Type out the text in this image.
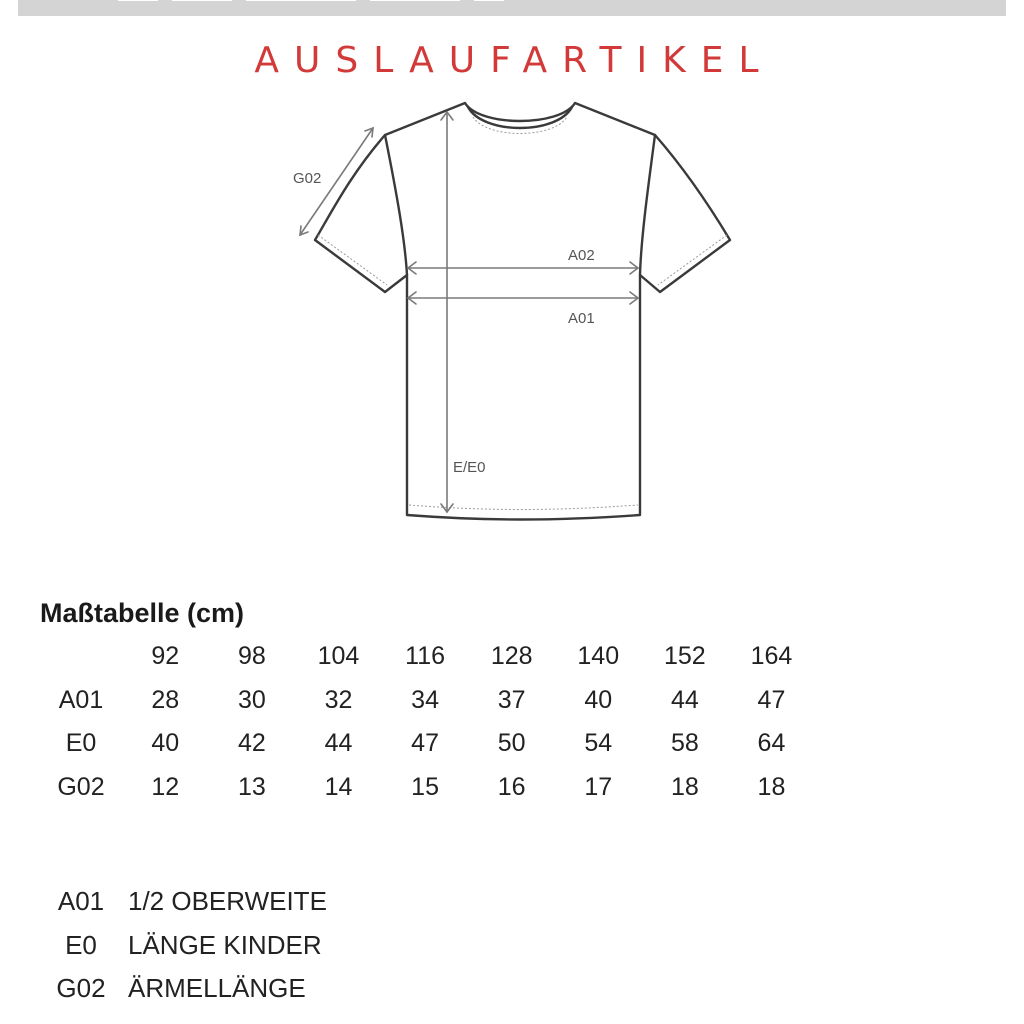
AUSLAUFARTIKEL
G02
A02
A01
E/E0
Maßtabelle (cm)
	92	98	104	116	128	140	152	164
A01	28	30	32	34	37	40	44	47
E0	40	42	44	47	50	54	58	64
G02	12	13	14	15	16	17	18	18
A01 1/2 OBERWEITE
E0	LÄNGE KINDER
G02 ÄRMELLÄNGE
